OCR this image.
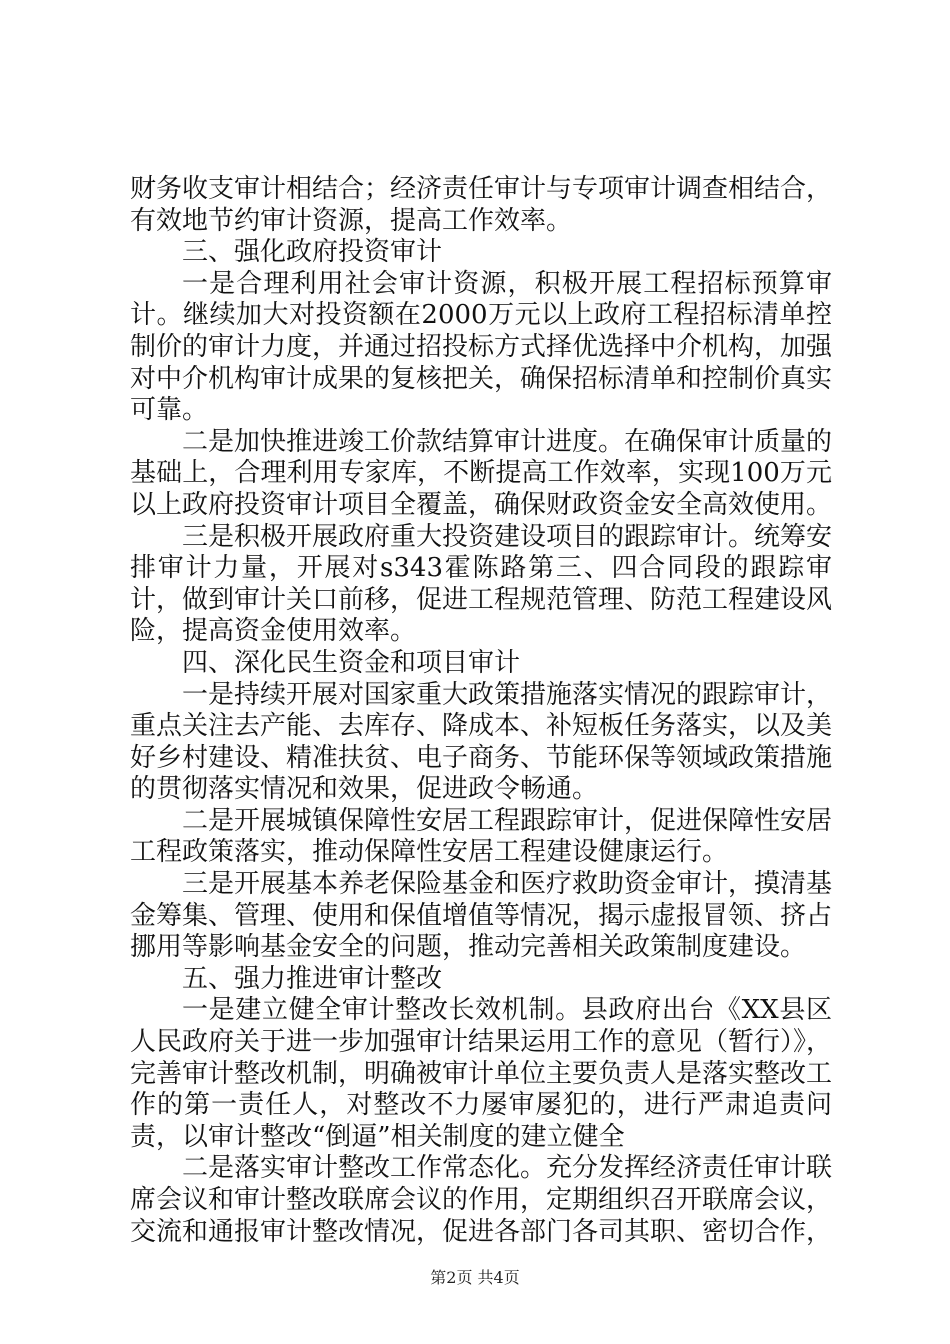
财务收支审计相结合；经济责任审计与专项审计调查相结合，有效地节约审计资源，提高工作效率。

三、强化政府投资审计

一是合理利用社会审计资源，积极开展工程招标预算审计。继续加大对投资额在2000万元以上政府工程招标清单控制价的审计力度，并通过招投标方式择优选择中介机构，加强对中介机构审计成果的复核把关，确保招标清单和控制价真实可靠。

二是加快推进竣工价款结算审计进度。在确保审计质量的基础上，合理利用专家库，不断提高工作效率，实现100万元以上政府投资审计项目全覆盖，确保财政资金安全高效使用。

三是积极开展政府重大投资建设项目的跟踪审计。统筹安排审计力量，开展对s343霍陈路第三、四合同段的跟踪审计，做到审计关口前移，促进工程规范管理、防范工程建设风险，提高资金使用效率。

四、深化民生资金和项目审计

一是持续开展对国家重大政策措施落实情况的跟踪审计，重点关注去产能、去库存、降成本、补短板任务落实，以及美好乡村建设、精准扶贫、电子商务、节能环保等领域政策措施的贯彻落实情况和效果，促进政令畅通。

二是开展城镇保障性安居工程跟踪审计，促进保障性安居工程政策落实，推动保障性安居工程建设健康运行。

三是开展基本养老保险基金和医疗救助资金审计，摸清基金筹集、管理、使用和保值增值等情况，揭示虚报冒领、挤占挪用等影响基金安全的问题，推动完善相关政策制度建设。

五、强力推进审计整改

一是建立健全审计整改长效机制。县政府出台《XX县区人民政府关于进一步加强审计结果运用工作的意见（暂行）》，完善审计整改机制，明确被审计单位主要负责人是落实整改工作的第一责任人，对整改不力屡审屡犯的，进行严肃追责问责，以审计整改“倒逼”相关制度的建立健全

二是落实审计整改工作常态化。充分发挥经济责任审计联席会议和审计整改联席会议的作用，定期组织召开联席会议，交流和通报审计整改情况，促进各部门各司其职、密切合作，

第2页 共4页
